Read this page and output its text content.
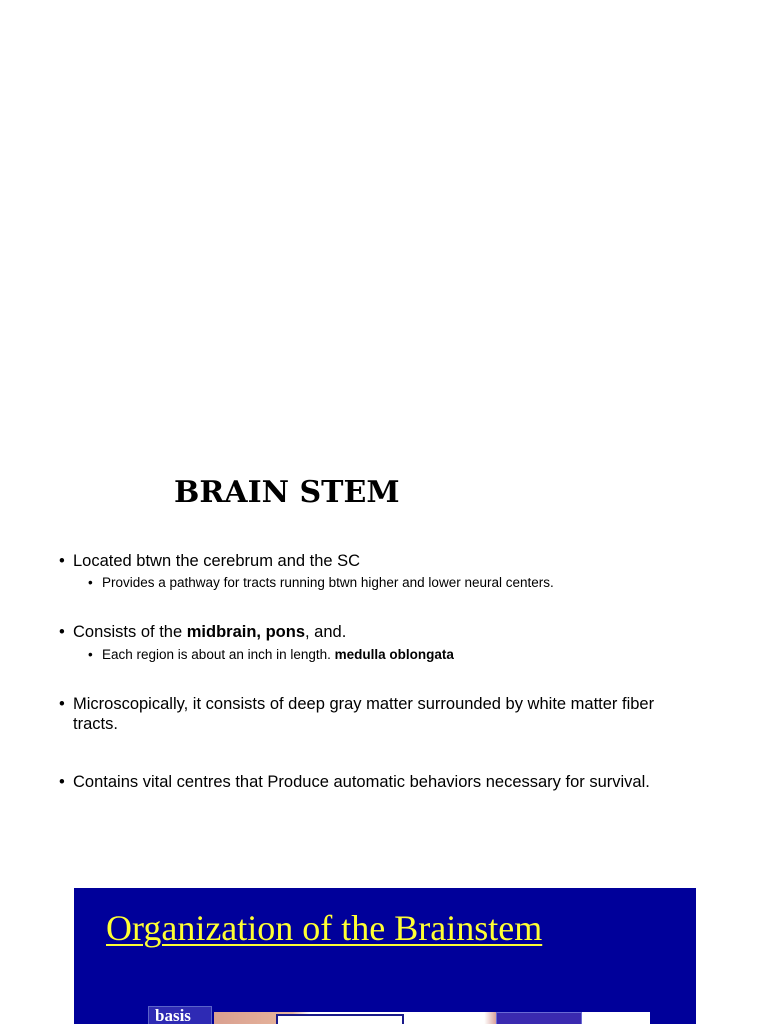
BRAIN STEM
• Located btwn the cerebrum and the SC
• Provides a pathway for tracts running btwn higher and lower neural centers.
• Consists of the midbrain, pons, and.
• Each region is about an inch in length. medulla oblongata
• Microscopically, it consists of deep gray matter surrounded by white matter fiber
tracts.
• Contains vital centres that Produce automatic behaviors necessary for survival.
Organization of the Brainstem
basis
